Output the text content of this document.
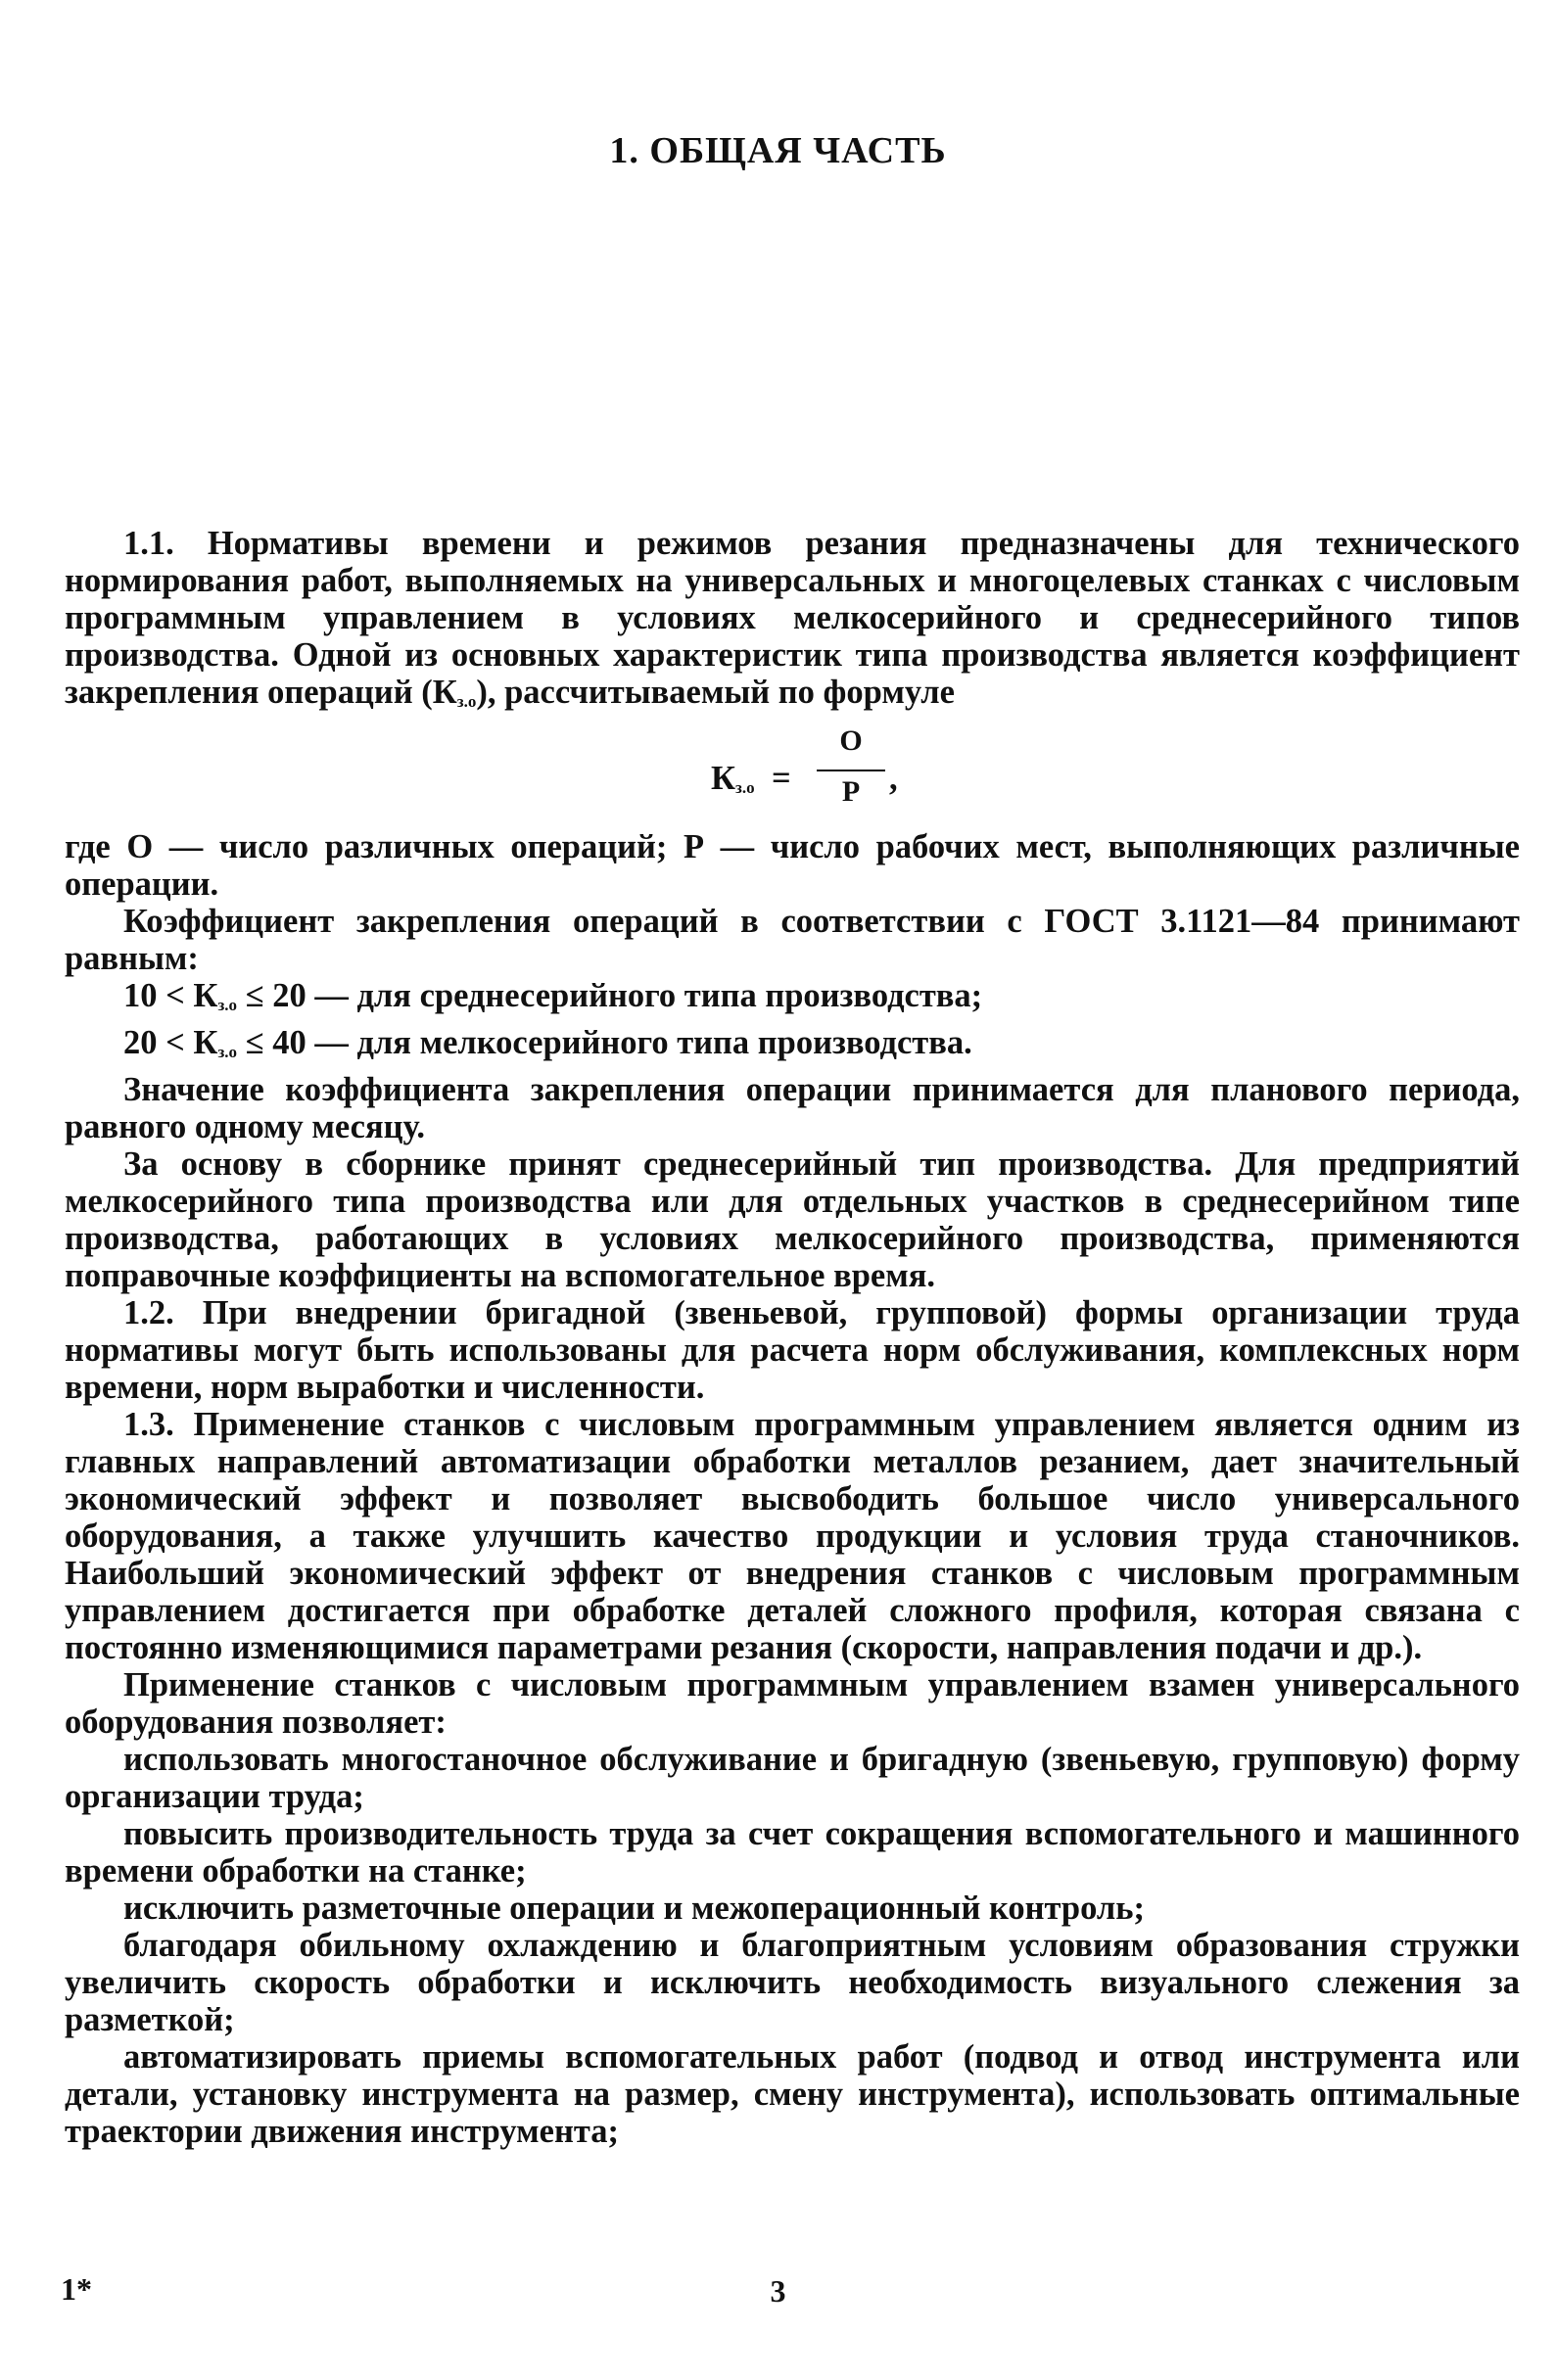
1. ОБЩАЯ ЧАСТЬ

1.1. Нормативы времени и режимов резания предназначены для технического нормирования работ, выполняемых на универсальных и многоцелевых станках с числовым программным управлением в условиях мелкосерийного и среднесерийного типов производства. Одной из основных характеристик типа производства является коэффициент закрепления операций $(К_{з.о})$, рассчитываемый по формуле

$К_{з.о}$ =
О
Р ,

где О — число различных операций; Р — число рабочих мест, выполняющих различные операции.

Коэффициент закрепления операций в соответствии с ГОСТ 3.1121—84 принимают равным:

$10 < К_{з.о} \le 20$ — для среднесерийного типа производства;

$20 < К_{з.о} \le 40$ — для мелкосерийного типа производства.

Значение коэффициента закрепления операции принимается для планового периода, равного одному месяцу.

За основу в сборнике принят среднесерийный тип производства. Для предприятий мелкосерийного типа производства или для отдельных участков в среднесерийном типе производства, работающих в условиях мелкосерийного производства, применяются поправочные коэффициенты на вспомогательное время.

1.2. При внедрении бригадной (звеньевой, групповой) формы организации труда нормативы могут быть использованы для расчета норм обслуживания, комплексных норм времени, норм выработки и численности.

1.3. Применение станков с числовым программным управлением является одним из главных направлений автоматизации обработки металлов резанием, дает значительный экономический эффект и позволяет высвободить большое число универсального оборудования, а также улучшить качество продукции и условия труда станочников. Наибольший экономический эффект от внедрения станков с числовым программным управлением достигается при обработке деталей сложного профиля, которая связана с постоянно изменяющимися параметрами резания (скорости, направления подачи и др.).

Применение станков с числовым программным управлением взамен универсального оборудования позволяет:

использовать многостаночное обслуживание и бригадную (звеньевую, групповую) форму организации труда;

повысить производительность труда за счет сокращения вспомогательного и машинного времени обработки на станке;

исключить разметочные операции и межоперационный контроль;

благодаря обильному охлаждению и благоприятным условиям образования стружки увеличить скорость обработки и исключить необходимость визуального слежения за разметкой;

автоматизировать приемы вспомогательных работ (подвод и отвод инструмента или детали, установку инструмента на размер, смену инструмента), использовать оптимальные траектории движения инструмента;

1*	3
